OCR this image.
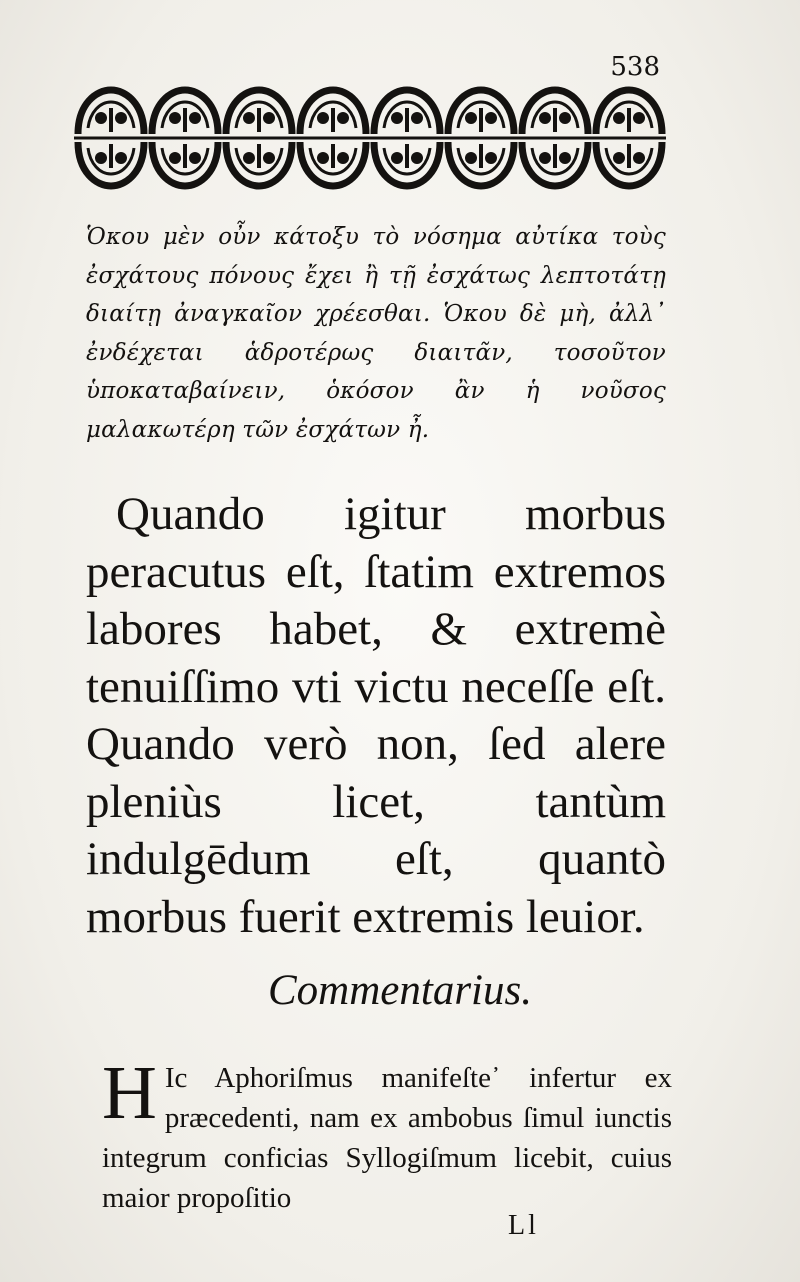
538
Ὁκου μὲν οὖν κάτοξυ τὸ νόσημα αὐτίκα τοὺς ἐσχάτους πόνους ἔχει ἢ τῇ ἐσχάτως λεπτοτάτῃ διαίτῃ ἀναγκαῖον χρέεσθαι. Ὁκου δὲ μὴ, ἀλλ᾽ ἐνδέχεται ἁδροτέρως διαιτᾶν, τοσοῦτον ὑποκαταβαίνειν, ὁκόσον ἂν ἡ νοῦσος μαλακωτέρη τῶν ἐσχάτων ἦ.
Quando igitur morbus peracutus eſt, ſtatim extremos labores habet, & extremè tenuiſſimo vti victu neceſſe eſt. Quando verò non, ſed alere pleniùs licet, tantùm indulgēdum eſt, quantò morbus fuerit extremis leuior.
Commentarius.
H Ic Aphoriſmus manifeſte᾽ infertur ex præcedenti, nam ex ambobus ſimul iunctis integrum conficias Syllogiſmum licebit, cuius maior propoſitio
Ll
